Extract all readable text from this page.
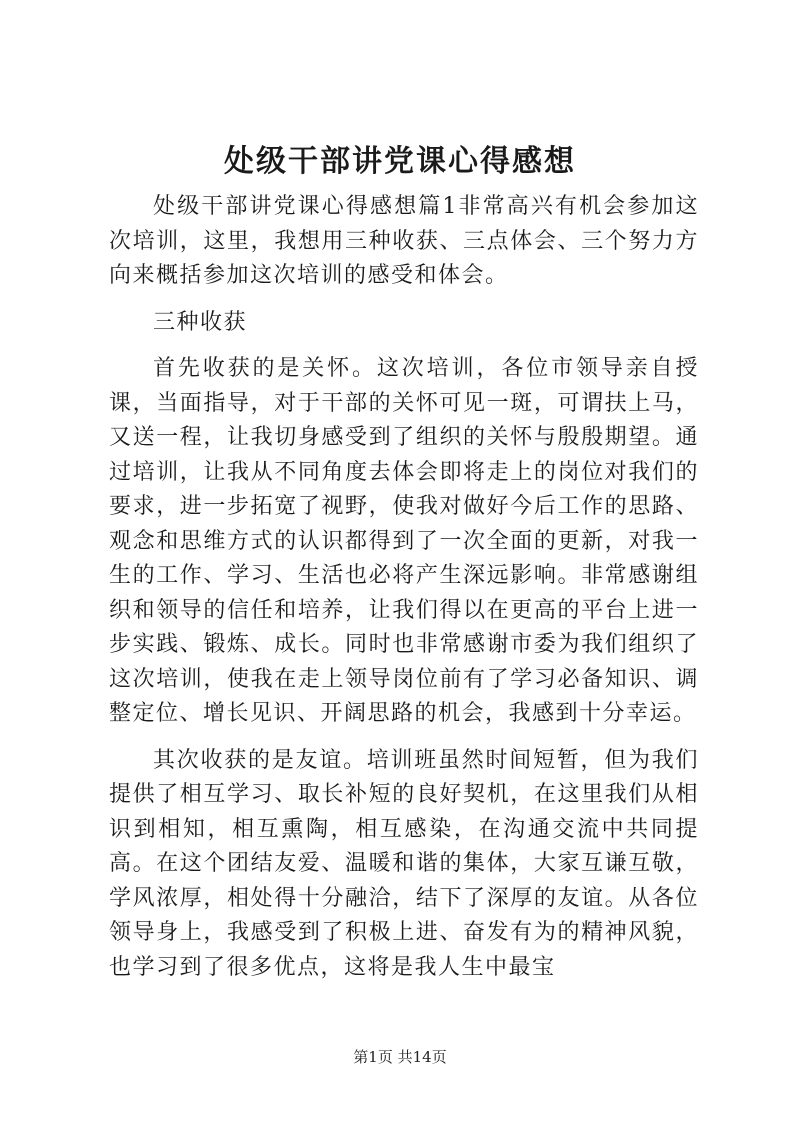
处级干部讲党课心得感想

处级干部讲党课心得感想篇1非常高兴有机会参加这次培训，这里，我想用三种收获、三点体会、三个努力方向来概括参加这次培训的感受和体会。

三种收获

首先收获的是关怀。这次培训，各位市领导亲自授课，当面指导，对于干部的关怀可见一斑，可谓扶上马，又送一程，让我切身感受到了组织的关怀与殷殷期望。通过培训，让我从不同角度去体会即将走上的岗位对我们的要求，进一步拓宽了视野，使我对做好今后工作的思路、观念和思维方式的认识都得到了一次全面的更新，对我一生的工作、学习、生活也必将产生深远影响。非常感谢组织和领导的信任和培养，让我们得以在更高的平台上进一步实践、锻炼、成长。同时也非常感谢市委为我们组织了这次培训，使我在走上领导岗位前有了学习必备知识、调整定位、增长见识、开阔思路的机会，我感到十分幸运。

其次收获的是友谊。培训班虽然时间短暂，但为我们提供了相互学习、取长补短的良好契机，在这里我们从相识到相知，相互熏陶，相互感染，在沟通交流中共同提高。在这个团结友爱、温暖和谐的集体，大家互谦互敬，学风浓厚，相处得十分融洽，结下了深厚的友谊。从各位领导身上，我感受到了积极上进、奋发有为的精神风貌，也学习到了很多优点，这将是我人生中最宝

第1页 共14页
